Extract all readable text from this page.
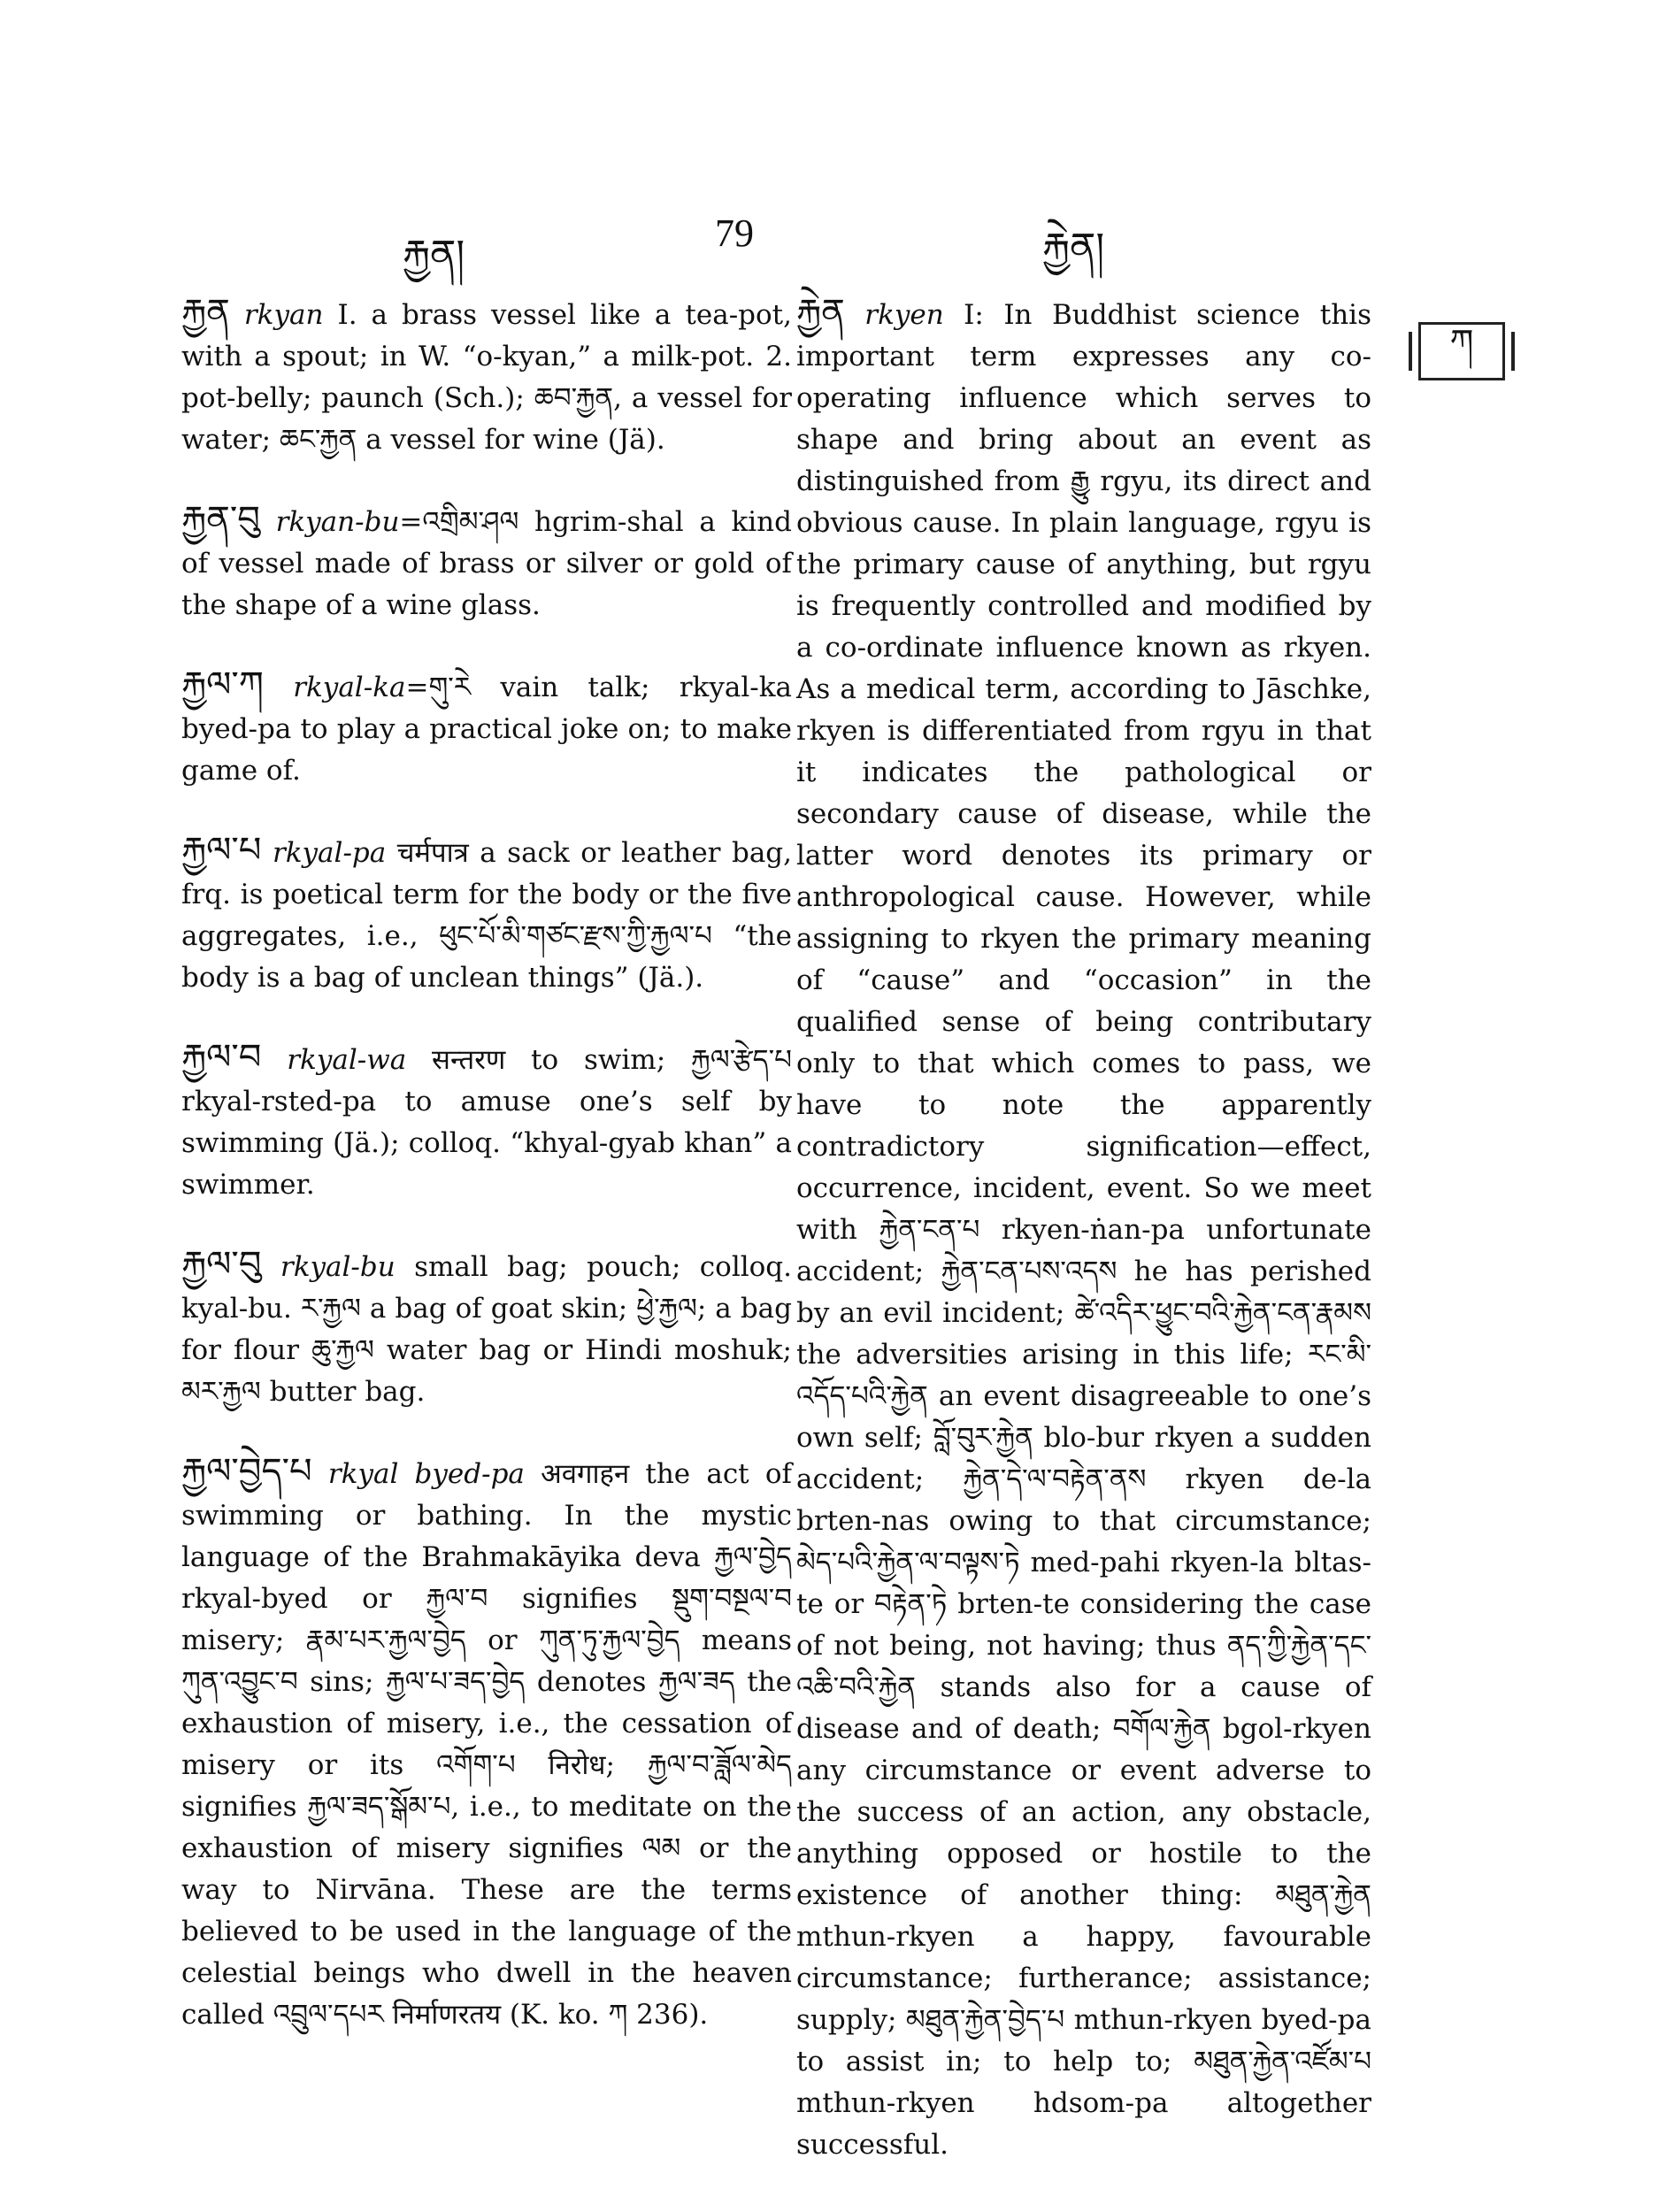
རྐྱན།	79	རྐྱེན།
ཀ

རྐྱན rkyan I. a brass vessel like a tea-pot, with a spout; in W. “o-kyan,” a milk-pot. 2. pot-belly; paunch (Sch.); ཆབ་རྐྱན, a vessel for water; ཆང་རྐྱན a vessel for wine (Jä).

རྐྱན་བུ rkyan-bu=འགྲིམ་ཤལ hgrim-shal a kind of vessel made of brass or silver or gold of the shape of a wine glass.

རྐྱལ་ཀ rkyal-ka=གུ་རེ vain talk; rkyal-ka byed-pa to play a practical joke on; to make game of.

རྐྱལ་པ rkyal-pa चर्मपात्र a sack or leather bag, frq. is poetical term for the body or the five aggregates, i.e., ཕུང་པོ་མི་གཙང་རྫས་ཀྱི་རྐྱལ་པ “the body is a bag of unclean things” (Jä.).

རྐྱལ་བ rkyal-wa सन्तरण to swim; རྐྱལ་རྩེད་པ rkyal-rsted-pa to amuse one’s self by swimming (Jä.); colloq. “khyal-gyab khan” a swimmer.

རྐྱལ་བུ rkyal-bu small bag; pouch; colloq. kyal-bu. ར་རྐྱལ a bag of goat skin; ཕྱེ་རྐྱལ; a bag for flour ཆུ་རྐྱལ water bag or Hindi moshuk; མར་རྐྱལ butter bag.

རྐྱལ་བྱེད་པ rkyal byed-pa अवगाहन the act of swimming or bathing. In the mystic language of the Brahmakāyika deva རྐྱལ་བྱེད rkyal-byed or རྐྱལ་བ signifies སྡུག་བསྔལ་བ misery; རྣམ་པར་རྐྱལ་བྱེད or ཀུན་ཏུ་རྐྱལ་བྱེད means ཀུན་འབྱུང་བ sins; རྐྱལ་པ་ཟད་བྱེད denotes རྐྱལ་ཟད the exhaustion of misery, i.e., the cessation of misery or its འགོག་པ निरोध; རྐྱལ་བ་ཟློལ་མེད signifies རྐྱལ་ཟད་སྒོམ་པ, i.e., to meditate on the exhaustion of misery signifies ལམ or the way to Nirvāna. These are the terms believed to be used in the language of the celestial beings who dwell in the heaven called འབྲུལ་དཔར निर्माणरतय (K. ko. ཀ 236).

རྐྱེན rkyen I: In Buddhist science this important term expresses any co-operating influence which serves to shape and bring about an event as distinguished from རྒྱུ rgyu, its direct and obvious cause. In plain language, rgyu is the primary cause of anything, but rgyu is frequently controlled and modified by a co-ordinate influence known as rkyen. As a medical term, according to Jāschke, rkyen is differentiated from rgyu in that it indicates the pathological or secondary cause of disease, while the latter word denotes its primary or anthropological cause. However, while assigning to rkyen the primary meaning of “cause” and “occasion” in the qualified sense of being contributary only to that which comes to pass, we have to note the apparently contradictory signification—effect, occurrence, incident, event. So we meet with རྐྱེན་ངན་པ rkyen-ṅan-pa unfortunate accident; རྐྱེན་ངན་པས་འདས he has perished by an evil incident; ཚེ་འདིར་ཕྱུང་བའི་རྐྱེན་ངན་རྣམས the adversities arising in this life; རང་མི་འདོད་པའི་རྐྱེན an event disagreeable to one’s own self; བློ་བུར་རྐྱེན blo-bur rkyen a sudden accident; རྐྱེན་དེ་ལ་བརྟེན་ནས rkyen de-la brten-nas owing to that circumstance; མེད་པའི་རྐྱེན་ལ་བལྟས་ཏེ med-pahi rkyen-la bltas-te or བརྟེན་ཏེ brten-te considering the case of not being, not having; thus ནད་ཀྱི་རྐྱེན་དང་འཆི་བའི་རྐྱེན stands also for a cause of disease and of death; བགོལ་རྐྱེན bgol-rkyen any circumstance or event adverse to the success of an action, any obstacle, anything opposed or hostile to the existence of another thing: མཐུན་རྐྱེན mthun-rkyen a happy, favourable circumstance; furtherance; assistance; supply; མཐུན་རྐྱེན་བྱེད་པ mthun-rkyen byed-pa to assist in; to help to; མཐུན་རྐྱེན་འཛོམ་པ mthun-rkyen hdsom-pa altogether successful.
